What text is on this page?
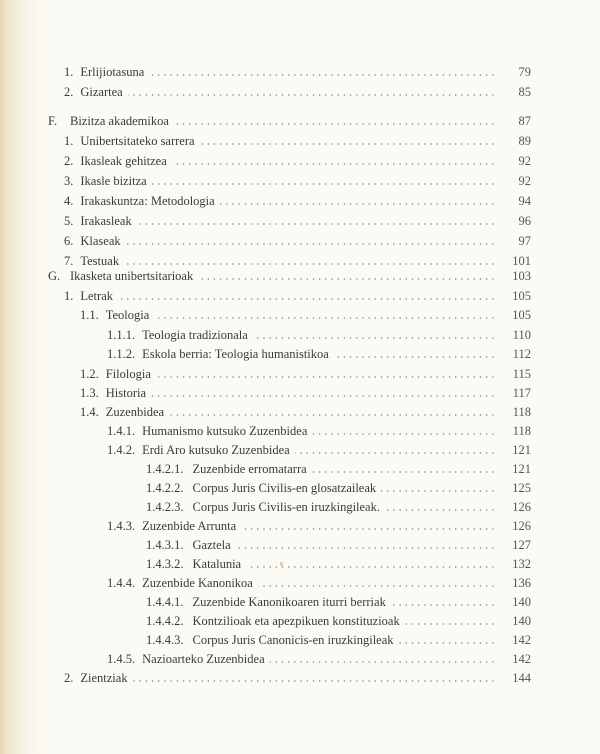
1. Erlijiotasuna	79
2. Gizartea	85
F. Bizitza akademikoa	87
1. Unibertsitateko sarrera	89
2. Ikasleak gehitzea	92
3. Ikasle bizitza	92
4. Irakaskuntza: Metodologia	94
5. Irakasleak	96
6. Klaseak	97
7. Testuak	101
G. Ikasketa unibertsitarioak	103
1. Letrak	105
1.1. Teologia	105
1.1.1. Teologia tradizionala	110
1.1.2. Eskola berria: Teologia humanistikoa	112
1.2. Filologia	115
1.3. Historia	117
1.4. Zuzenbidea	118
1.4.1. Humanismo kutsuko Zuzenbidea	118
1.4.2. Erdi Aro kutsuko Zuzenbidea	121
1.4.2.1. Zuzenbide erromatarra	121
1.4.2.2. Corpus Juris Civilis-en glosatzaileak	125
1.4.2.3. Corpus Juris Civilis-en iruzkingileak.	126
1.4.3. Zuzenbide Arrunta	126
1.4.3.1. Gaztela	127
1.4.3.2. Katalunia	132
1.4.4. Zuzenbide Kanonikoa	136
1.4.4.1. Zuzenbide Kanonikoaren iturri berriak	140
1.4.4.2. Kontzilioak eta apezpikuen konstituzioak	140
1.4.4.3. Corpus Juris Canonicis-en iruzkingileak	142
1.4.5. Nazioarteko Zuzenbidea	142
2. Zientziak	144
